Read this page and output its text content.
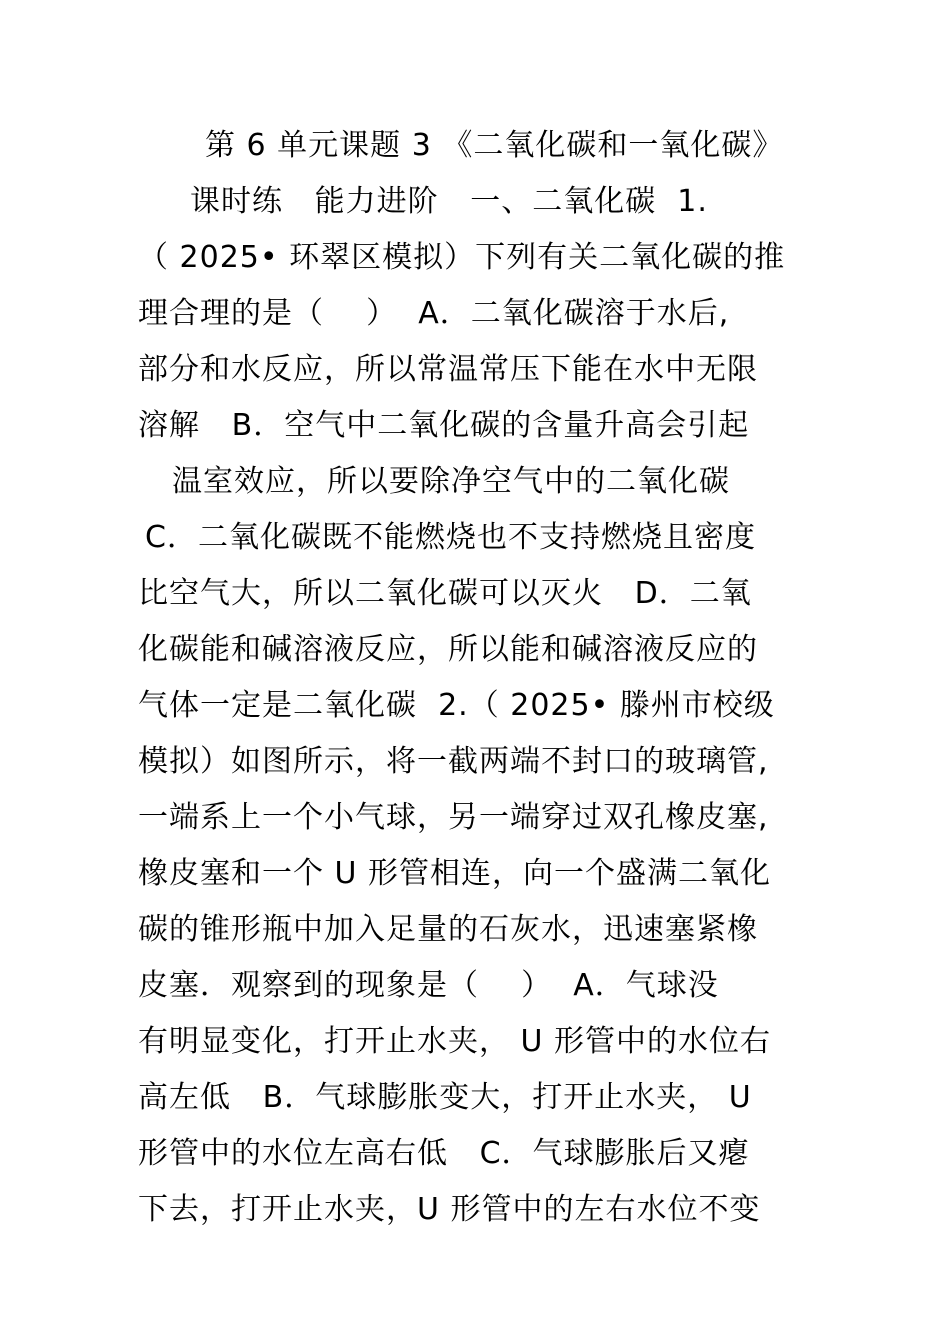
第 6 单元课题 3 《二氧化碳和一氧化碳》
课时练   能力进阶   一、二氧化碳  1.
（ 2025• 环翠区模拟）下列有关二氧化碳的推
理合理的是（    ）  A．二氧化碳溶于水后,
部分和水反应，所以常温常压下能在水中无限
溶解   B．空气中二氧化碳的含量升高会引起
温室效应，所以要除净空气中的二氧化碳
C．二氧化碳既不能燃烧也不支持燃烧且密度
比空气大，所以二氧化碳可以灭火   D．二氧
化碳能和碱溶液反应，所以能和碱溶液反应的
气体一定是二氧化碳  2.（ 2025• 滕州市校级
模拟）如图所示，将一截两端不封口的玻璃管,
一端系上一个小气球，另一端穿过双孔橡皮塞,
橡皮塞和一个 U 形管相连，向一个盛满二氧化
碳的锥形瓶中加入足量的石灰水，迅速塞紧橡
皮塞．观察到的现象是（    ）  A．气球没
有明显变化，打开止水夹， U 形管中的水位右
高左低   B．气球膨胀变大，打开止水夹， U
形管中的水位左高右低   C．气球膨胀后又瘪
下去，打开止水夹，U 形管中的左右水位不变
